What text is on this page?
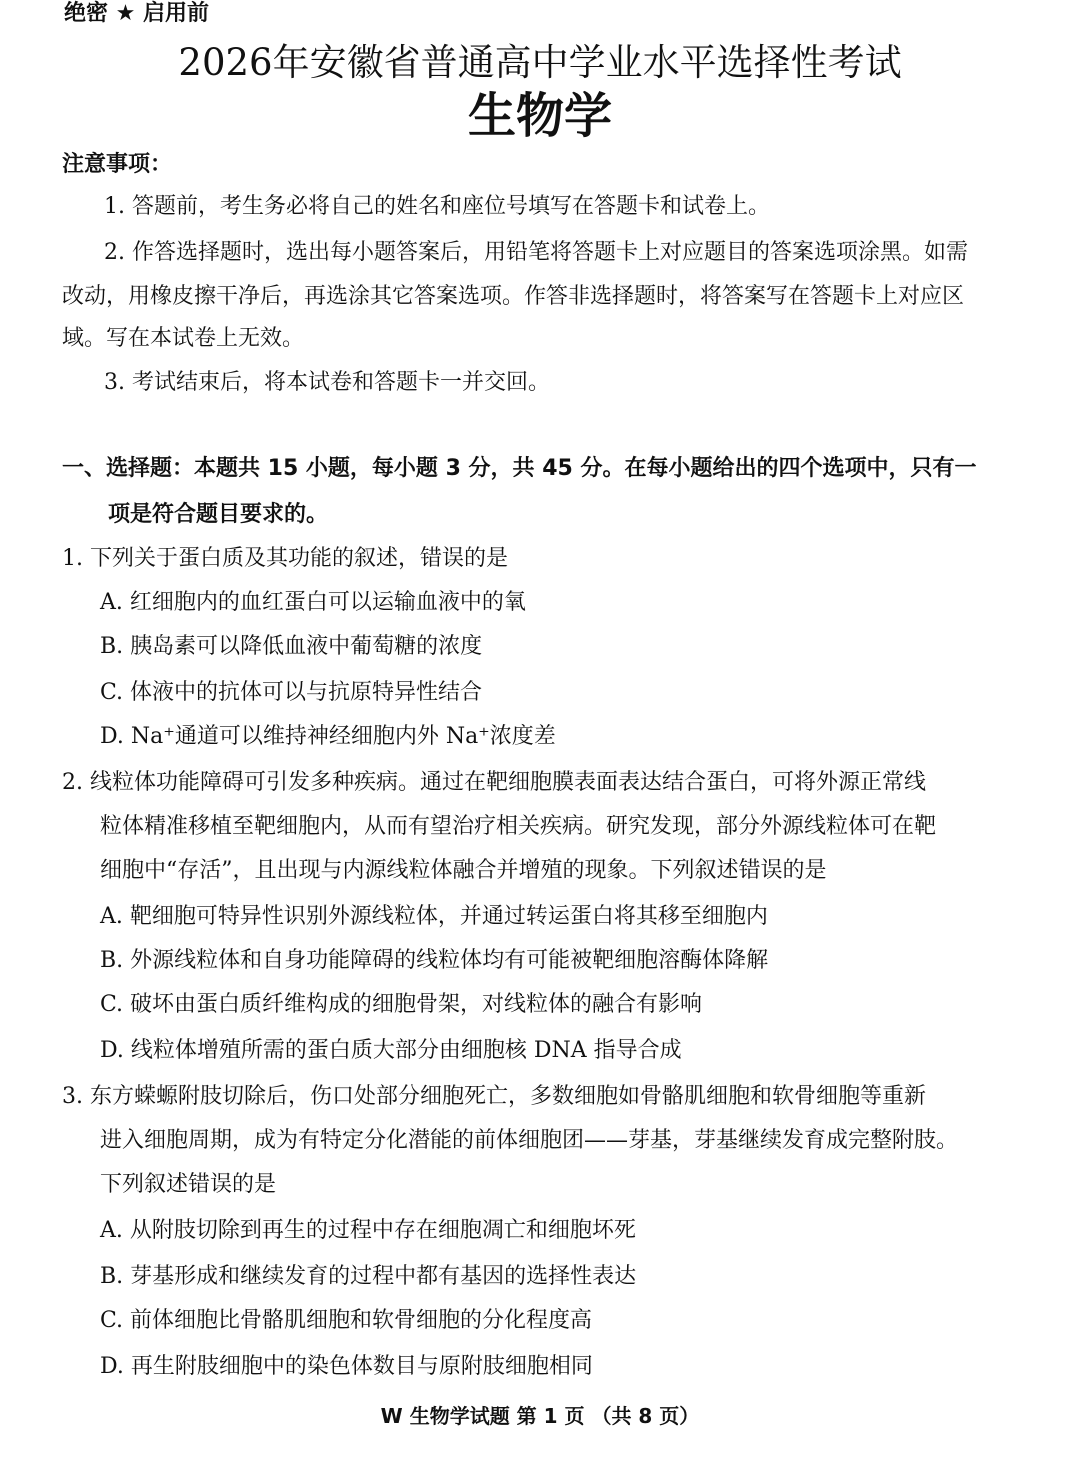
绝密 ★ 启用前
2026年安徽省普通高中学业水平选择性考试
生物学
注意事项：
1. 答题前，考生务必将自己的姓名和座位号填写在答题卡和试卷上。
2. 作答选择题时，选出每小题答案后，用铅笔将答题卡上对应题目的答案选项涂黑。如需
改动，用橡皮擦干净后，再选涂其它答案选项。作答非选择题时，将答案写在答题卡上对应区
域。写在本试卷上无效。
3. 考试结束后，将本试卷和答题卡一并交回。
一、选择题：本题共 15 小题，每小题 3 分，共 45 分。在每小题给出的四个选项中，只有一
项是符合题目要求的。
1. 下列关于蛋白质及其功能的叙述，错误的是
A. 红细胞内的血红蛋白可以运输血液中的氧
B. 胰岛素可以降低血液中葡萄糖的浓度
C. 体液中的抗体可以与抗原特异性结合
D. Na⁺通道可以维持神经细胞内外 Na⁺浓度差
2. 线粒体功能障碍可引发多种疾病。通过在靶细胞膜表面表达结合蛋白，可将外源正常线
粒体精准移植至靶细胞内，从而有望治疗相关疾病。研究发现，部分外源线粒体可在靶
细胞中“存活”，且出现与内源线粒体融合并增殖的现象。下列叙述错误的是
A. 靶细胞可特异性识别外源线粒体，并通过转运蛋白将其移至细胞内
B. 外源线粒体和自身功能障碍的线粒体均有可能被靶细胞溶酶体降解
C. 破坏由蛋白质纤维构成的细胞骨架，对线粒体的融合有影响
D. 线粒体增殖所需的蛋白质大部分由细胞核 DNA 指导合成
3. 东方蝾螈附肢切除后，伤口处部分细胞死亡，多数细胞如骨骼肌细胞和软骨细胞等重新
进入细胞周期，成为有特定分化潜能的前体细胞团——芽基，芽基继续发育成完整附肢。
下列叙述错误的是
A. 从附肢切除到再生的过程中存在细胞凋亡和细胞坏死
B. 芽基形成和继续发育的过程中都有基因的选择性表达
C. 前体细胞比骨骼肌细胞和软骨细胞的分化程度高
D. 再生附肢细胞中的染色体数目与原附肢细胞相同
W 生物学试题 第 1 页 （共 8 页）
